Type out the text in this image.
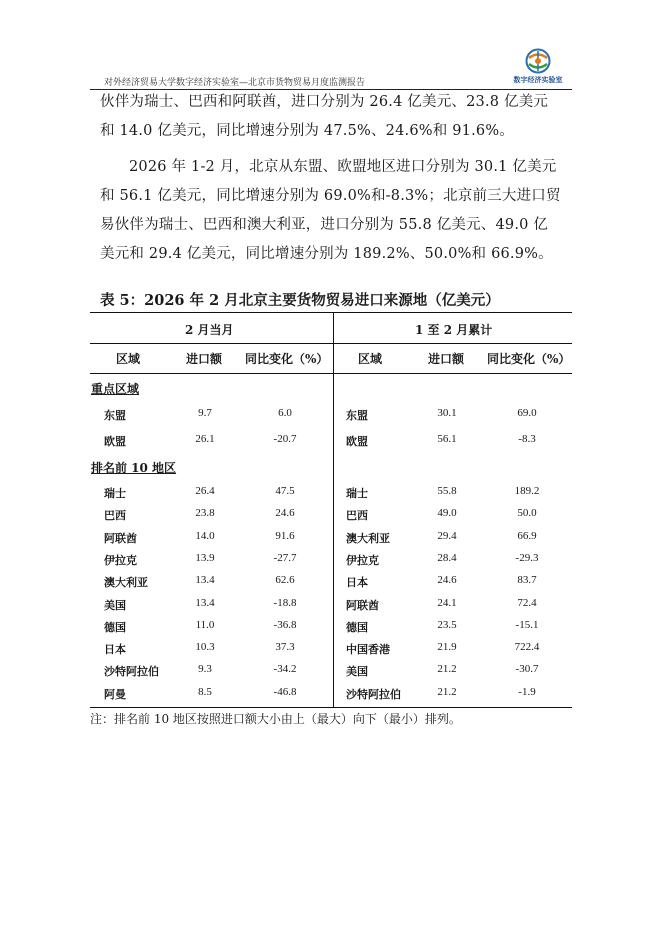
对外经济贸易大学数字经济实验室—北京市货物贸易月度监测报告	数字经济实验室

伙伴为瑞士、巴西和阿联酋，进口分别为 26.4 亿美元、23.8 亿美元和 14.0 亿美元，同比增速分别为 47.5%、24.6%和 91.6%。

2026 年 1-2 月，北京从东盟、欧盟地区进口分别为 30.1 亿美元和 56.1 亿美元，同比增速分别为 69.0%和-8.3%；北京前三大进口贸易伙伴为瑞士、巴西和澳大利亚，进口分别为 55.8 亿美元、49.0 亿美元和 29.4 亿美元，同比增速分别为 189.2%、50.0%和 66.9%。

表 5：2026 年 2 月北京主要货物贸易进口来源地（亿美元）
2 月当月	1 至 2 月累计
区域	进口额 同比变化（%） 区域	进口额 同比变化（%）
重点区域
东盟	9.7	6.0	东盟	30.1	69.0
欧盟	26.1	-20.7	欧盟	56.1	-8.3
排名前 10 地区
瑞士	26.4	47.5	瑞士	55.8	189.2
巴西	23.8	24.6	巴西	49.0	50.0
阿联酋	14.0	91.6	澳大利亚	29.4	66.9
伊拉克	13.9	-27.7	伊拉克	28.4	-29.3
澳大利亚	13.4	62.6	日本	24.6	83.7
美国	13.4	-18.8	阿联酋	24.1	72.4
德国	11.0	-36.8	德国	23.5	-15.1
日本	10.3	37.3	中国香港	21.9	722.4
沙特阿拉伯	9.3	-34.2	美国	21.2	-30.7
阿曼	8.5	-46.8	沙特阿拉伯	21.2	-1.9
注：排名前 10 地区按照进口额大小由上（最大）向下（最小）排列。
